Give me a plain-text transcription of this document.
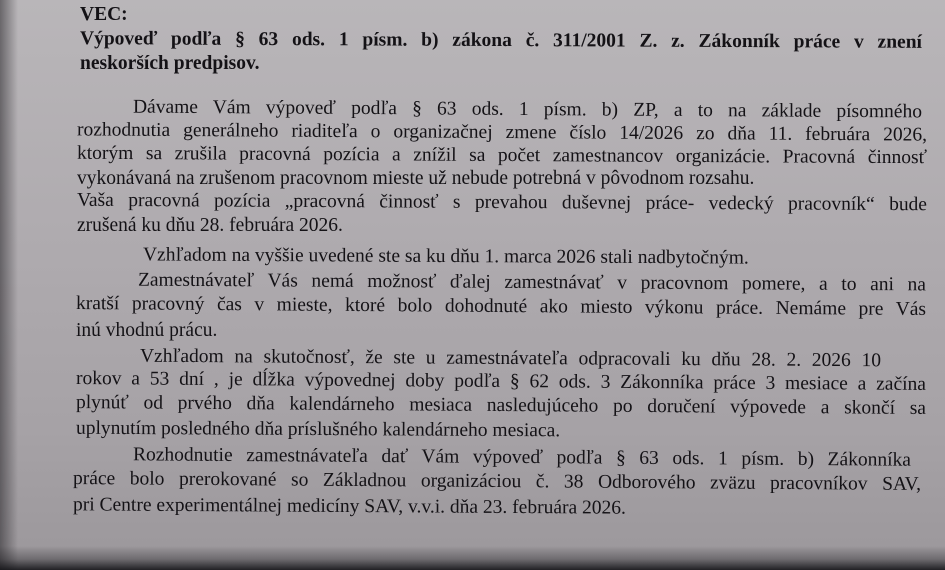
VEC:
Výpoveď podľa § 63 ods. 1 písm. b) zákona č. 311/2001 Z. z. Zákonník práce v znení
neskorších predpisov.
Dávame Vám výpoveď podľa § 63 ods. 1 písm. b) ZP, a to na základe písomného
rozhodnutia generálneho riaditeľa o organizačnej zmene číslo 14/2026 zo dňa 11. februára 2026,
ktorým sa zrušila pracovná pozícia a znížil sa počet zamestnancov organizácie. Pracovná činnosť
vykonávaná na zrušenom pracovnom mieste už nebude potrebná v pôvodnom rozsahu.
Vaša pracovná pozícia „pracovná činnosť s prevahou duševnej práce- vedecký pracovník“ bude
zrušená ku dňu 28. februára 2026.
Vzhľadom na vyššie uvedené ste sa ku dňu 1. marca 2026 stali nadbytočným.
Zamestnávateľ Vás nemá možnosť ďalej zamestnávať v pracovnom pomere, a to ani na
kratší pracovný čas v mieste, ktoré bolo dohodnuté ako miesto výkonu práce. Nemáme pre Vás
inú vhodnú prácu.
Vzhľadom na skutočnosť, že ste u zamestnávateľa odpracovali ku dňu 28. 2. 2026 10
rokov a 53 dní , je dĺžka výpovednej doby podľa § 62 ods. 3 Zákonníka práce 3 mesiace a začína
plynúť od prvého dňa kalendárneho mesiaca nasledujúceho po doručení výpovede a skončí sa
uplynutím posledného dňa príslušného kalendárneho mesiaca.
Rozhodnutie zamestnávateľa dať Vám výpoveď podľa § 63 ods. 1 písm. b) Zákonníka
práce bolo prerokované so Základnou organizáciou č. 38 Odborového zväzu pracovníkov SAV,
pri Centre experimentálnej medicíny SAV, v.v.i. dňa 23. februára 2026.
